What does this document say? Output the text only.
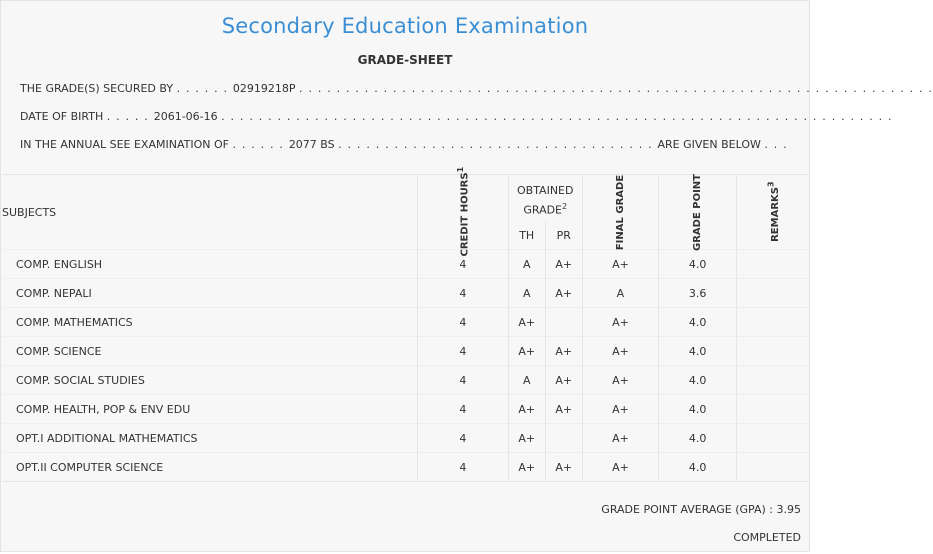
Secondary Education Examination
GRADE-SHEET
THE GRADE(S) SECURED BY . . . . . . 02919218P . . . . . . . . . . . . . . . . . . . . . . . . . . . . . . . . . . . . . . . . . . . . . . . . . . . . . . . . . . . . . . . . . . . .
DATE OF BIRTH . . . . . 2061-06-16 . . . . . . . . . . . . . . . . . . . . . . . . . . . . . . . . . . . . . . . . . . . . . . . . . . . . . . . . . . . . . . . . . . . . . . . .
IN THE ANNUAL SEE EXAMINATION OF . . . . . . 2077 BS . . . . . . . . . . . . . . . . . . . . . . . . . . . . . . . . . . ARE GIVEN BELOW . . .
SUBJECTS	CREDIT HOURS$^1$	OBTAINED GRADE$^2$		FINAL GRADE	GRADE POINT	REMARKS$^3$

		TH	PR			
COMP. ENGLISH	4	A	A+	A+	4.0	
COMP. NEPALI	4	A	A+	A	3.6	
COMP. MATHEMATICS	4	A+		A+	4.0	
COMP. SCIENCE	4	A+	A+	A+	4.0	
COMP. SOCIAL STUDIES	4	A	A+	A+	4.0	
COMP. HEALTH, POP & ENV EDU	4	A+	A+	A+	4.0	
OPT.I ADDITIONAL MATHEMATICS	4	A+		A+	4.0	
OPT.II COMPUTER SCIENCE	4	A+	A+	A+	4.0	
GRADE POINT AVERAGE (GPA) : 3.95
COMPLETED
